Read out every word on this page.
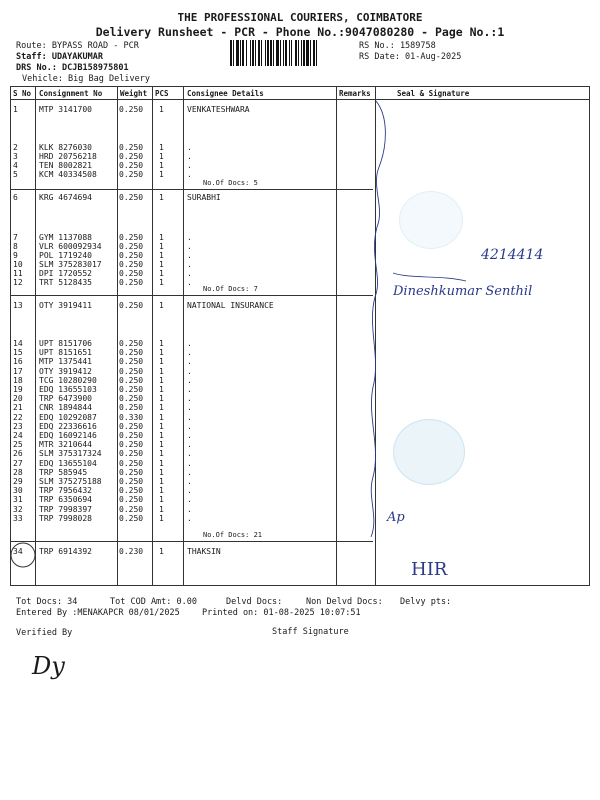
THE PROFESSIONAL COURIERS, COIMBATORE
Delivery Runsheet - PCR - Phone No.:9047080280 - Page No.:1
Route: BYPASS ROAD - PCR
Staff: UDAYAKUMAR
DRS No.: DCJB158975801
Vehicle: Big Bag Delivery
RS No.: 1589758
RS Date: 01-Aug-2025
S No Consignment No Weight PCS Consignee Details	Remarks	Seal & Signature
1	MTP 3141700	0.250 1	VENKATESHWARA
2	KLK 8276030	0.250 1	.
3	HRD 20756218	0.250 1	.
4	TEN 8002821	0.250 1	.
5	KCM 40334508	0.250 1	.
6	KRG 4674694	0.250 1	SURABHI
7	GYM 1137088	0.250 1	.
8	VLR 600092934 0.250 1	.
9	POL 1719240	0.250 1	.
10 SLM 375283017 0.250 1	.
11 DPI 1720552	0.250 1	.
12 TRT 5128435	0.250 1	.
13 OTY 3919411	0.250 1	NATIONAL INSURANCE
14 UPT 8151706	0.250 1	.
15 UPT 8151651	0.250 1	.
16 MTP 1375441	0.250 1	.
17 OTY 3919412	0.250 1	.
18 TCG 10280290	0.250 1	.
19 EDQ 13655103	0.250 1	.
20 TRP 6473900	0.250 1	.
21 CNR 1894844	0.250 1	.
22 EDQ 10292087	0.330 1	.
23 EDQ 22336616	0.250 1	.
24 EDQ 16092146	0.250 1	.
25 MTR 3210644	0.250 1	.
26 SLM 375317324 0.250 1	.
27 EDQ 13655104	0.250 1	.
28 TRP 585945	0.250 1	.
29 SLM 375275188 0.250 1	.
30 TRP 7956432	0.250 1	.
31 TRP 6350694	0.250 1	.
32 TRP 7998397	0.250 1	.
33 TRP 7998028	0.250 1	.
34 TRP 6914392	0.230 1	THAKSIN
No.Of Docs: 5
No.Of Docs: 7
No.Of Docs: 21
4214414
Dineshkumar Senthil
Ap
HIR
Tot Docs: 34	Tot COD Amt: 0.00	Delvd Docs:	Non Delvd Docs: Delvy pts:
Entered By :MENAKAPCR 08/01/2025	Printed on: 01-08-2025 10:07:51
Verified By	Staff Signature
Dy
